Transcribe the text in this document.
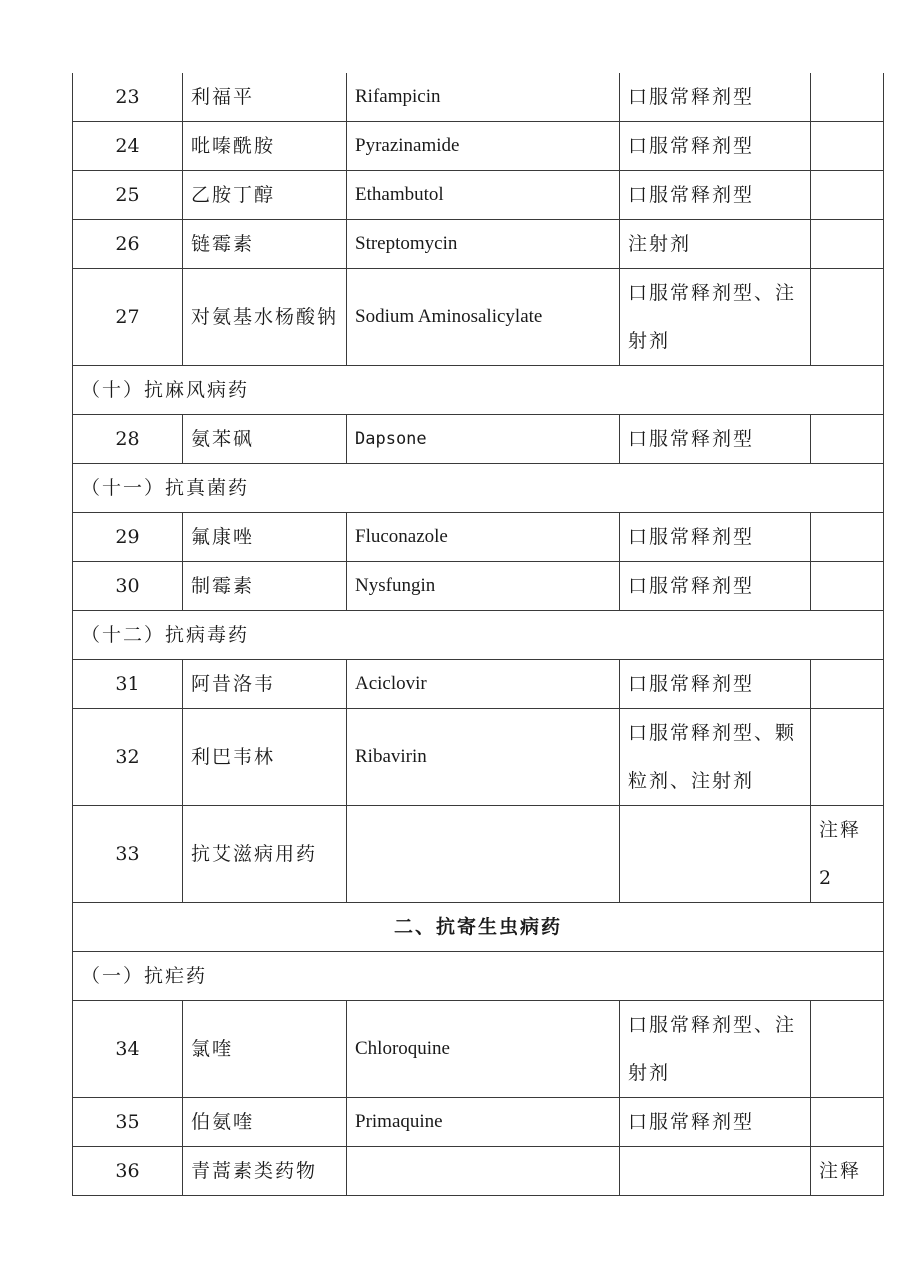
23	利福平	Rifampicin	口服常释剂型	
24	吡嗪酰胺	Pyrazinamide	口服常释剂型	
25	乙胺丁醇	Ethambutol	口服常释剂型	
26	链霉素	Streptomycin	注射剂	
27	对氨基水杨酸钠	Sodium Aminosalicylate	口服常释剂型、注射剂	
（十）抗麻风病药				
28	氨苯砜	Dapsone	口服常释剂型	
（十一）抗真菌药				
29	氟康唑	Fluconazole	口服常释剂型	
30	制霉素	Nysfungin	口服常释剂型	
（十二）抗病毒药				
31	阿昔洛韦	Aciclovir	口服常释剂型	
32	利巴韦林	Ribavirin	口服常释剂型、颗粒剂、注射剂	
33	抗艾滋病用药			注释2
二、抗寄生虫病药				
（一）抗疟药				
34	氯喹	Chloroquine	口服常释剂型、注射剂	
35	伯氨喹	Primaquine	口服常释剂型	
36	青蒿素类药物			注释
